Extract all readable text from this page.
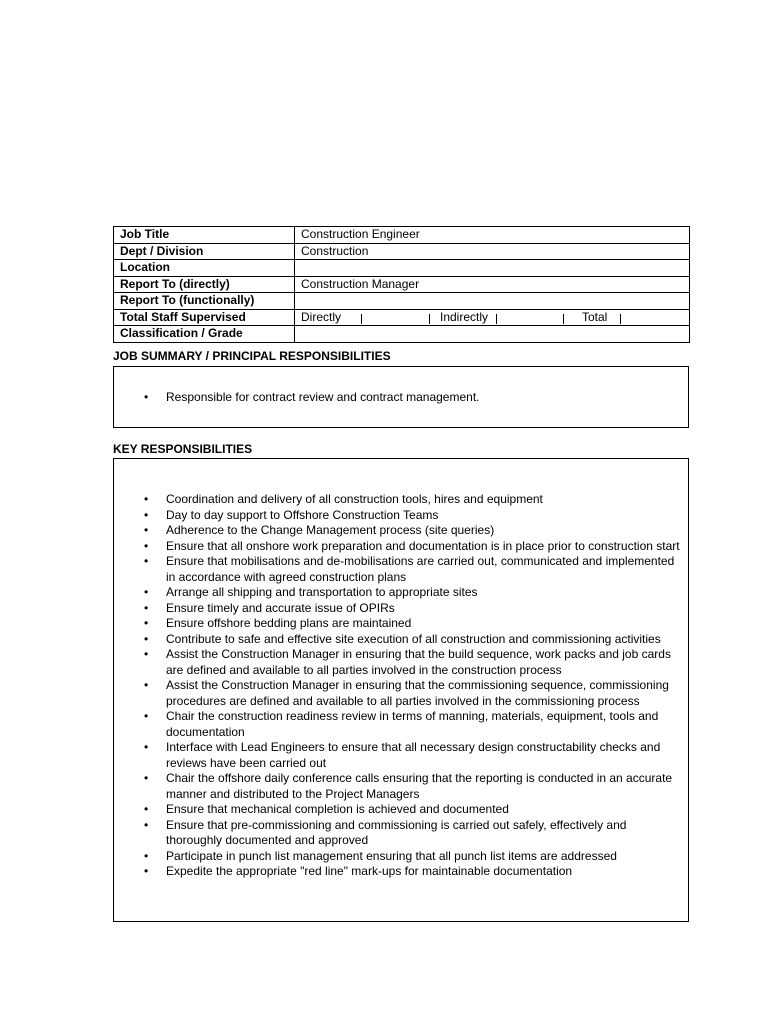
Job Title	Construction Engineer
Dept / Division	Construction
Location	
Report To (directly)	Construction Manager
Report To (functionally)	
Total Staff Supervised	Directly Indirectly Total

Classification / Grade	
JOB SUMMARY / PRINCIPAL RESPONSIBILITIES
• Responsible for contract review and contract management.
KEY RESPONSIBILITIES
• Coordination and delivery of all construction tools, hires and equipment
• Day to day support to Offshore Construction Teams
• Adherence to the Change Management process (site queries)
• Ensure that all onshore work preparation and documentation is in place prior to construction start
• Ensure that mobilisations and de-mobilisations are carried out, communicated and implemented in accordance with agreed construction plans
• Arrange all shipping and transportation to appropriate sites
• Ensure timely and accurate issue of OPIRs
• Ensure offshore bedding plans are maintained
• Contribute to safe and effective site execution of all construction and commissioning activities
• Assist the Construction Manager in ensuring that the build sequence, work packs and job cards are defined and available to all parties involved in the construction process
• Assist the Construction Manager in ensuring that the commissioning sequence, commissioning procedures are defined and available to all parties involved in the commissioning process
• Chair the construction readiness review in terms of manning, materials, equipment, tools and documentation
• Interface with Lead Engineers to ensure that all necessary design constructability checks and reviews have been carried out
• Chair the offshore daily conference calls ensuring that the reporting is conducted in an accurate manner and distributed to the Project Managers
• Ensure that mechanical completion is achieved and documented
• Ensure that pre-commissioning and commissioning is carried out safely, effectively and thoroughly documented and approved
• Participate in punch list management ensuring that all punch list items are addressed
• Expedite the appropriate "red line" mark-ups for maintainable documentation
